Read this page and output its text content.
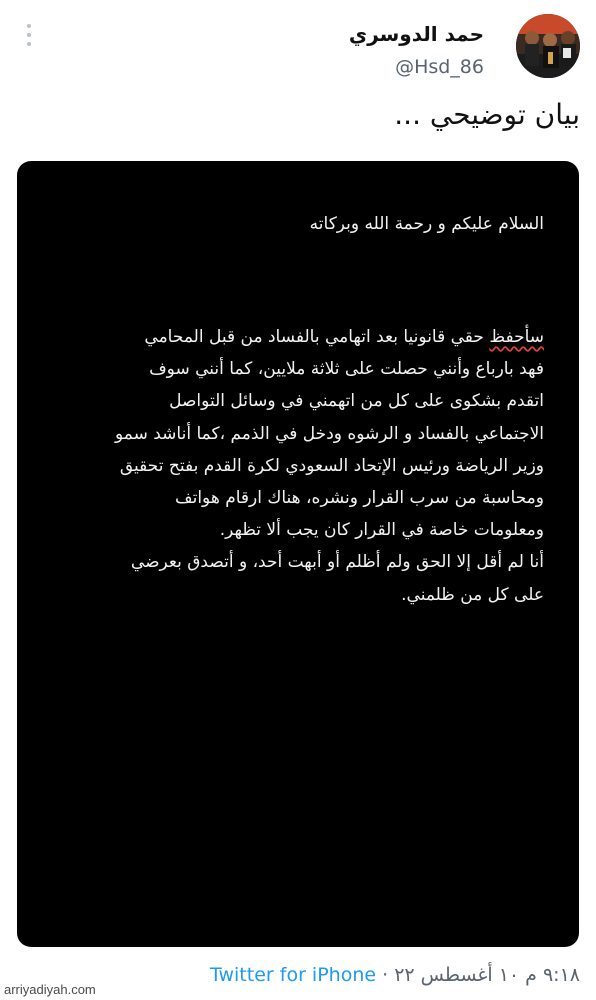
حمد الدوسري
@Hsd_86
بيان توضيحي ...
السلام عليكم و رحمة الله وبركاته
سأحفظ حقي قانونيا بعد اتهامي بالفساد من قبل المحامي
فهد بارباع وأنني حصلت على ثلاثة ملايين، كما أنني سوف
اتقدم بشكوى على كل من اتهمني في وسائل التواصل
الاجتماعي بالفساد و الرشوه ودخل في الذمم ،كما أناشد سمو
وزير الرياضة ورئيس الإتحاد السعودي لكرة القدم بفتح تحقيق
ومحاسبة من سرب القرار ونشره، هناك ارقام هواتف
ومعلومات خاصة في القرار كان يجب ألا تظهر.
أنا لم أقل إلا الحق ولم أظلم أو أبهت أحد، و أتصدق بعرضي
على كل من ظلمني.
Twitter for iPhone · ١٠ أغسطس ٢٢ ٩:١٨ م
arriyadiyah.com
